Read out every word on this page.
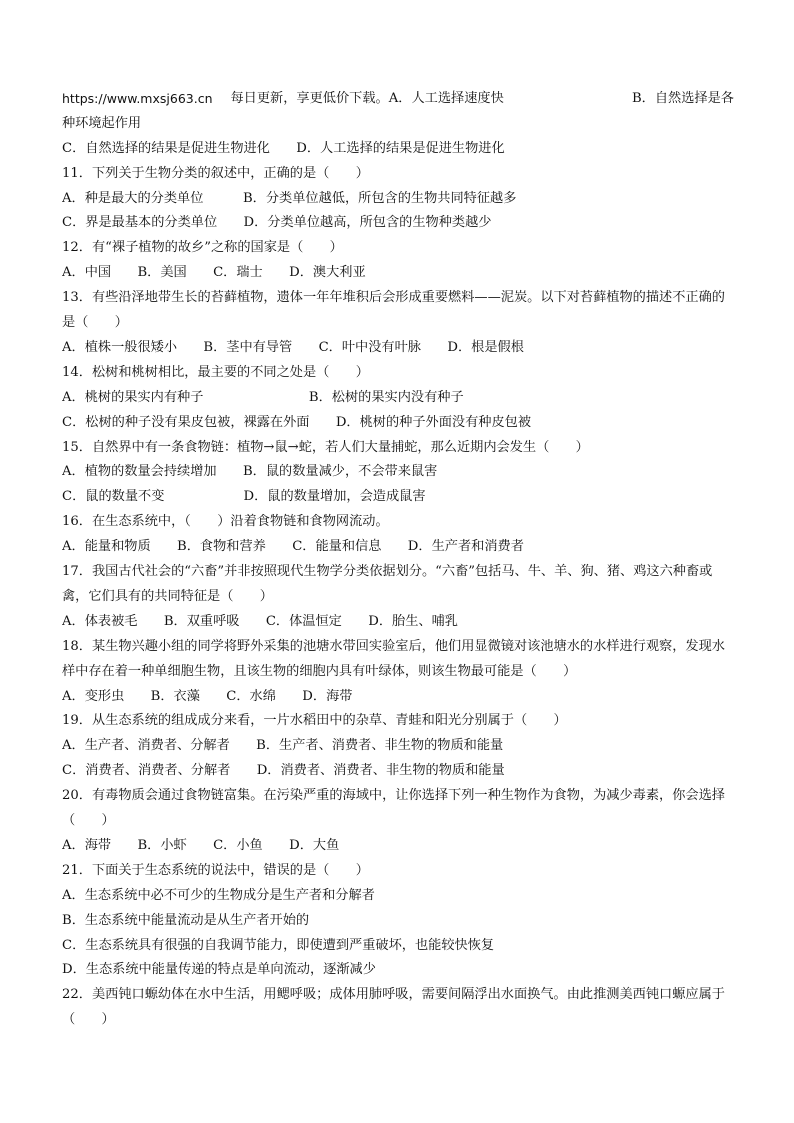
https://www.mxsj663.cn 每日更新，享更低价下载。A．人工选择速度快	B．自然选择是各
种环境起作用
C．自然选择的结果是促进生物进化　　D．人工选择的结果是促进生物进化
11．下列关于生物分类的叙述中，正确的是（　　）
A．种是最大的分类单位　　　B．分类单位越低，所包含的生物共同特征越多
C．界是最基本的分类单位　　D．分类单位越高，所包含的生物种类越少
12．有“裸子植物的故乡”之称的国家是（　　）
A．中国　　B．美国　　C．瑞士　　D．澳大利亚
13．有些沿泽地带生长的苔藓植物，遗体一年年堆积后会形成重要燃料——泥炭。以下对苔藓植物的描述不正确的是（　　）
A．植株一般很矮小　　B．茎中有导管　　C．叶中没有叶脉　　D．根是假根
14．松树和桃树相比，最主要的不同之处是（　　）
A．桃树的果实内有种子　　　　　　　　B．松树的果实内没有种子
C．松树的种子没有果皮包被，裸露在外面　　D．桃树的种子外面没有种皮包被
15．自然界中有一条食物链：植物→鼠→蛇，若人们大量捕蛇，那么近期内会发生（　　）
A．植物的数量会持续增加　　B．鼠的数量减少，不会带来鼠害
C．鼠的数量不变　　　　　　D．鼠的数量增加，会造成鼠害
16．在生态系统中，（　　）沿着食物链和食物网流动。
A．能量和物质　　B．食物和营养　　C．能量和信息　　D．生产者和消费者
17．我国古代社会的“六畜”并非按照现代生物学分类依据划分。“六畜”包括马、牛、羊、狗、猪、鸡这六种畜或禽，它们具有的共同特征是（　　）
A．体表被毛　　B．双重呼吸　　C．体温恒定　　D．胎生、哺乳
18．某生物兴趣小组的同学将野外采集的池塘水带回实验室后，他们用显微镜对该池塘水的水样进行观察，发现水样中存在着一种单细胞生物，且该生物的细胞内具有叶绿体，则该生物最可能是（　　）
A．变形虫　　B．衣藻　　C．水绵　　D．海带
19．从生态系统的组成成分来看，一片水稻田中的杂草、青蛙和阳光分别属于（　　）
A．生产者、消费者、分解者　　B．生产者、消费者、非生物的物质和能量
C．消费者、消费者、分解者　　D．消费者、消费者、非生物的物质和能量
20．有毒物质会通过食物链富集。在污染严重的海域中，让你选择下列一种生物作为食物，为减少毒素，你会选择（　　）
A．海带　　B．小虾　　C．小鱼　　D．大鱼
21．下面关于生态系统的说法中，错误的是（　　）
A．生态系统中必不可少的生物成分是生产者和分解者
B．生态系统中能量流动是从生产者开始的
C．生态系统具有很强的自我调节能力，即使遭到严重破坏，也能较快恢复
D．生态系统中能量传递的特点是单向流动，逐渐减少
22．美西钝口螈幼体在水中生活，用鳃呼吸；成体用肺呼吸，需要间隔浮出水面换气。由此推测美西钝口螈应属于（　　）
